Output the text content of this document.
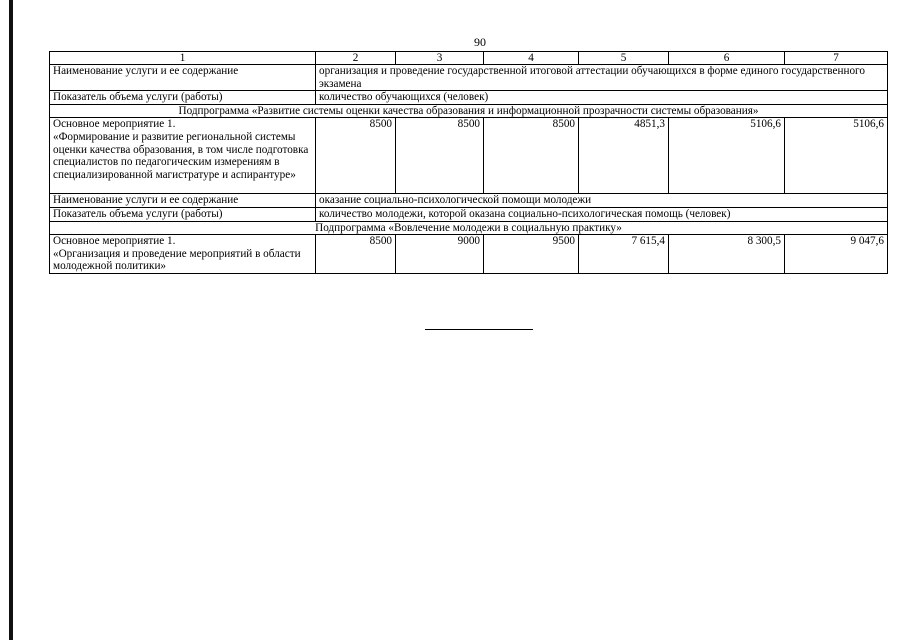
90
1	2	3	4	5	6	7
Наименование услуги и ее содержание	организация и проведение государственной итоговой аттестации обучающихся в форме единого государственного экзамена					
Показатель объема услуги (работы)	количество обучающихся (человек)					
Подпрограмма «Развитие системы оценки качества образования и информационной прозрачности системы образования»						
Основное мероприятие 1.
«Формирование и развитие региональной системы оценки качества образования, в том числе подготовка специалистов по педагогическим измерениям в специализированной магистратуре и аспирантуре»	8500	8500	8500	4851,3	5106,6	5106,6
Наименование услуги и ее содержание	оказание социально-психологической помощи молодежи					
Показатель объема услуги (работы)	количество молодежи, которой оказана социально-психологическая помощь (человек)					
Подпрограмма «Вовлечение молодежи в социальную практику»						
Основное мероприятие 1.
«Организация и проведение мероприятий в области молодежной политики»	8500	9000	9500	7 615,4	8 300,5	9 047,6
